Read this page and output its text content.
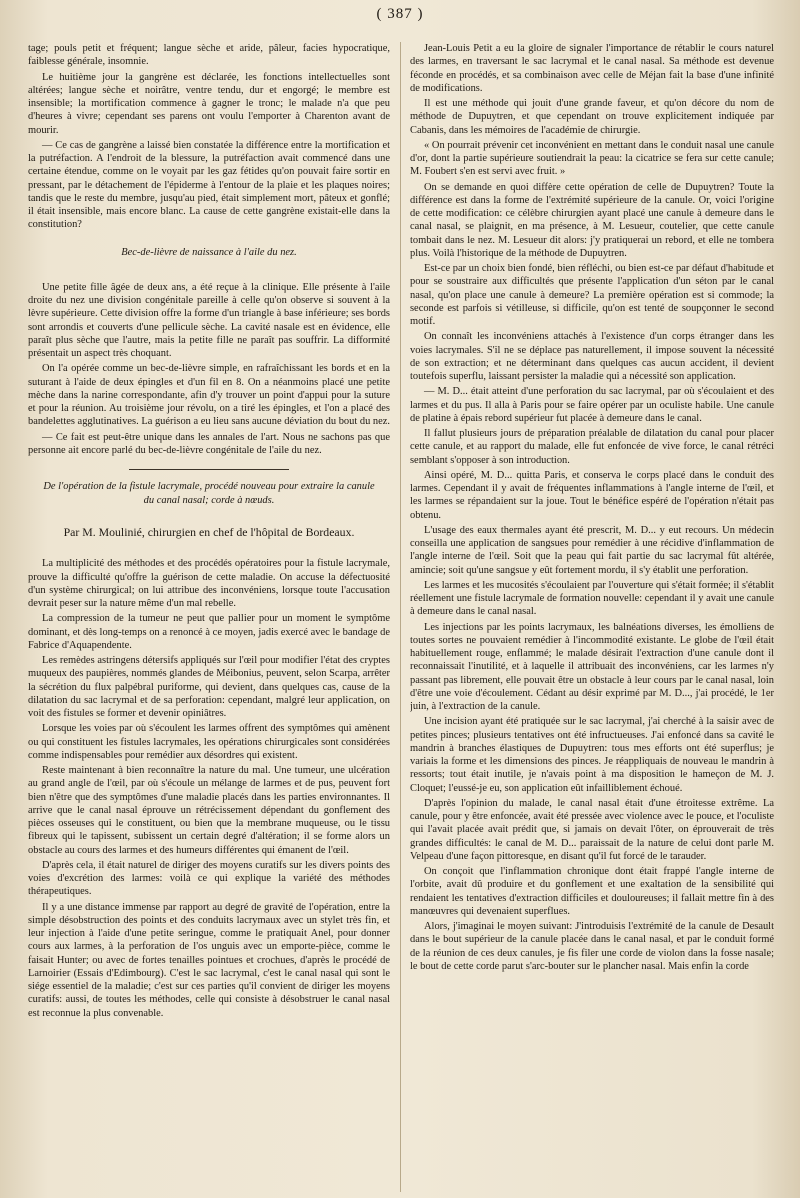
( 387 )

tage; pouls petit et fréquent; langue sèche et aride, pâleur, facies hypocratique, faiblesse générale, insomnie.

Le huitième jour la gangrène est déclarée, les fonctions intellectuelles sont altérées; langue sèche et noirâtre, ventre tendu, dur et engorgé; le membre est insensible; la mortification commence à gagner le tronc; le malade n'a que peu d'heures à vivre; cependant ses parens ont voulu l'emporter à Charenton avant de mourir.

— Ce cas de gangrène a laissé bien constatée la différence entre la mortification et la putréfaction. A l'endroit de la blessure, la putréfaction avait commencé dans une certaine étendue, comme on le voyait par les gaz fétides qu'on pouvait faire sortir en pressant, par le détachement de l'épiderme à l'entour de la plaie et les plaques noires; tandis que le reste du membre, jusqu'au pied, était simplement mort, pâteux et gonflé; il était insensible, mais encore blanc. La cause de cette gangrène existait-elle dans la constitution?

Bec-de-lièvre de naissance à l'aile du nez.

Une petite fille âgée de deux ans, a été reçue à la clinique. Elle présente à l'aile droite du nez une division congénitale pareille à celle qu'on observe si souvent à la lèvre supérieure. Cette division offre la forme d'un triangle à base inférieure; ses bords sont arrondis et couverts d'une pellicule sèche. La cavité nasale est en évidence, elle paraît plus sèche que l'autre, mais la petite fille ne paraît pas souffrir. La difformité présentait un aspect très choquant.

On l'a opérée comme un bec-de-lièvre simple, en rafraîchissant les bords et en la suturant à l'aide de deux épingles et d'un fil en 8. On a néanmoins placé une petite mèche dans la narine correspondante, afin d'y trouver un point d'appui pour la suture et pour la réunion. Au troisième jour révolu, on a tiré les épingles, et l'on a placé des bandelettes agglutinatives. La guérison a eu lieu sans aucune déviation du bout du nez.

— Ce fait est peut-être unique dans les annales de l'art. Nous ne sachons pas que personne ait encore parlé du bec-de-lièvre congénitale de l'aile du nez.

De l'opération de la fistule lacrymale, procédé nouveau pour extraire la canule du canal nasal; corde à nœuds.

Par M. Moulinié, chirurgien en chef de l'hôpital de Bordeaux.

La multiplicité des méthodes et des procédés opératoires pour la fistule lacrymale, prouve la difficulté qu'offre la guérison de cette maladie. On accuse la défectuosité d'un système chirurgical; on lui attribue des inconvéniens, lorsque toute l'accusation devrait peser sur la nature même d'un mal rebelle.

La compression de la tumeur ne peut que pallier pour un moment le symptôme dominant, et dès long-temps on a renoncé à ce moyen, jadis exercé avec le bandage de Fabrice d'Aquapendente.

Les remèdes astringens détersifs appliqués sur l'œil pour modifier l'état des cryptes muqueux des paupières, nommés glandes de Méibonius, peuvent, selon Scarpa, arrêter la sécrétion du flux palpébral puriforme, qui devient, dans quelques cas, cause de la dilatation du sac lacrymal et de sa perforation: cependant, malgré leur application, on voit des fistules se former et devenir opiniâtres.

Lorsque les voies par où s'écoulent les larmes offrent des symptômes qui amènent ou qui constituent les fistules lacrymales, les opérations chirurgicales sont considérées comme indispensables pour remédier aux désordres qui existent.

Reste maintenant à bien reconnaître la nature du mal. Une tumeur, une ulcération au grand angle de l'œil, par où s'écoule un mélange de larmes et de pus, peuvent fort bien n'être que des symptômes d'une maladie placés dans les parties environnantes. Il arrive que le canal nasal éprouve un rétrécissement dépendant du gonflement des pièces osseuses qui le constituent, ou bien que la membrane muqueuse, ou le tissu fibreux qui le tapissent, subissent un certain degré d'altération; il se forme alors un obstacle au cours des larmes et des humeurs différentes qui émanent de l'œil.

D'après cela, il était naturel de diriger des moyens curatifs sur les divers points des voies d'excrétion des larmes: voilà ce qui explique la variété des méthodes thérapeutiques.

Il y a une distance immense par rapport au degré de gravité de l'opération, entre la simple désobstruction des points et des conduits lacrymaux avec un stylet très fin, et leur injection à l'aide d'une petite seringue, comme le pratiquait Anel, pour donner cours aux larmes, à la perforation de l'os unguis avec un emporte-pièce, comme le faisait Hunter; ou avec de fortes tenailles pointues et crochues, d'après le procédé de Larnoirier (Essais d'Edimbourg). C'est le sac lacrymal, c'est le canal nasal qui sont le siége essentiel de la maladie; c'est sur ces parties qu'il convient de diriger les moyens curatifs: aussi, de toutes les méthodes, celle qui consiste à désobstruer le canal nasal est reconnue la plus convenable.

Jean-Louis Petit a eu la gloire de signaler l'importance de rétablir le cours naturel des larmes, en traversant le sac lacrymal et le canal nasal. Sa méthode est devenue féconde en procédés, et sa combinaison avec celle de Méjan fait la base d'une infinité de modifications.

Il est une méthode qui jouit d'une grande faveur, et qu'on décore du nom de méthode de Dupuytren, et que cependant on trouve explicitement indiquée par Cabanis, dans les mémoires de l'académie de chirurgie.

« On pourrait prévenir cet inconvénient en mettant dans le conduit nasal une canule d'or, dont la partie supérieure soutiendrait la peau: la cicatrice se fera sur cette canule; M. Foubert s'en est servi avec fruit. »

On se demande en quoi diffère cette opération de celle de Dupuytren? Toute la différence est dans la forme de l'extrémité supérieure de la canule. Or, voici l'origine de cette modification: ce célèbre chirurgien ayant placé une canule à demeure dans le canal nasal, se plaignit, en ma présence, à M. Lesueur, coutelier, que cette canule tombait dans le nez. M. Lesueur dit alors: j'y pratiquerai un rebord, et elle ne tombera plus. Voilà l'historique de la méthode de Dupuytren.

Est-ce par un choix bien fondé, bien réfléchi, ou bien est-ce par défaut d'habitude et pour se soustraire aux difficultés que présente l'application d'un séton par le canal nasal, qu'on place une canule à demeure? La première opération est si commode; la seconde est parfois si vétilleuse, si difficile, qu'on est tenté de soupçonner le second motif.

On connaît les inconvéniens attachés à l'existence d'un corps étranger dans les voies lacrymales. S'il ne se déplace pas naturellement, il impose souvent la nécessité de son extraction; et ne déterminant dans quelques cas aucun accident, il devient toutefois superflu, laissant persister la maladie qui a nécessité son application.

— M. D... était atteint d'une perforation du sac lacrymal, par où s'écoulaient et des larmes et du pus. Il alla à Paris pour se faire opérer par un oculiste habile. Une canule de platine à épais rebord supérieur fut placée à demeure dans le canal.

Il fallut plusieurs jours de préparation préalable de dilatation du canal pour placer cette canule, et au rapport du malade, elle fut enfoncée de vive force, le canal rétréci semblant s'opposer à son introduction.

Ainsi opéré, M. D... quitta Paris, et conserva le corps placé dans le conduit des larmes. Cependant il y avait de fréquentes inflammations à l'angle interne de l'œil, et les larmes se répandaient sur la joue. Tout le bénéfice espéré de l'opération n'était pas obtenu.

L'usage des eaux thermales ayant été prescrit, M. D... y eut recours. Un médecin conseilla une application de sangsues pour remédier à une récidive d'inflammation de l'angle interne de l'œil. Soit que la peau qui fait partie du sac lacrymal fût altérée, amincie; soit qu'une sangsue y eût fortement mordu, il s'y établit une perforation.

Les larmes et les mucosités s'écoulaient par l'ouverture qui s'était formée; il s'établit réellement une fistule lacrymale de formation nouvelle: cependant il y avait une canule à demeure dans le canal nasal.

Les injections par les points lacrymaux, les balnéations diverses, les émolliens de toutes sortes ne pouvaient remédier à l'incommodité existante. Le globe de l'œil était habituellement rouge, enflammé; le malade désirait l'extraction d'une canule dont il reconnaissait l'inutilité, et à laquelle il attribuait des inconvéniens, car les larmes n'y passant pas librement, elle pouvait être un obstacle à leur cours par le canal nasal, loin d'être une voie d'écoulement. Cédant au désir exprimé par M. D..., j'ai procédé, le 1er juin, à l'extraction de la canule.

Une incision ayant été pratiquée sur le sac lacrymal, j'ai cherché à la saisir avec de petites pinces; plusieurs tentatives ont été infructueuses. J'ai enfoncé dans sa cavité le mandrin à branches élastiques de Dupuytren: tous mes efforts ont été superflus; je variais la forme et les dimensions des pinces. Je réappliquais de nouveau le mandrin à ressorts; tout était inutile, je n'avais point à ma disposition le hameçon de M. J. Cloquet; l'eussé-je eu, son application eût infailliblement échoué.

D'après l'opinion du malade, le canal nasal était d'une étroitesse extrême. La canule, pour y être enfoncée, avait été pressée avec violence avec le pouce, et l'oculiste qui l'avait placée avait prédit que, si jamais on devait l'ôter, on éprouverait de très grandes difficultés: le canal de M. D... paraissait de la nature de celui dont parle M. Velpeau d'une façon pittoresque, en disant qu'il fut forcé de le tarauder.

On conçoit que l'inflammation chronique dont était frappé l'angle interne de l'orbite, avait dû produire et du gonflement et une exaltation de la sensibilité qui rendaient les tentatives d'extraction difficiles et douloureuses; il fallait mettre fin à des manœuvres qui devenaient superflues.

Alors, j'imaginai le moyen suivant: J'introduisis l'extrémité de la canule de Desault dans le bout supérieur de la canule placée dans le canal nasal, et par le conduit formé de la réunion de ces deux canules, je fis filer une corde de violon dans la fosse nasale; le bout de cette corde parut s'arc-bouter sur le plancher nasal. Mais enfin la corde
